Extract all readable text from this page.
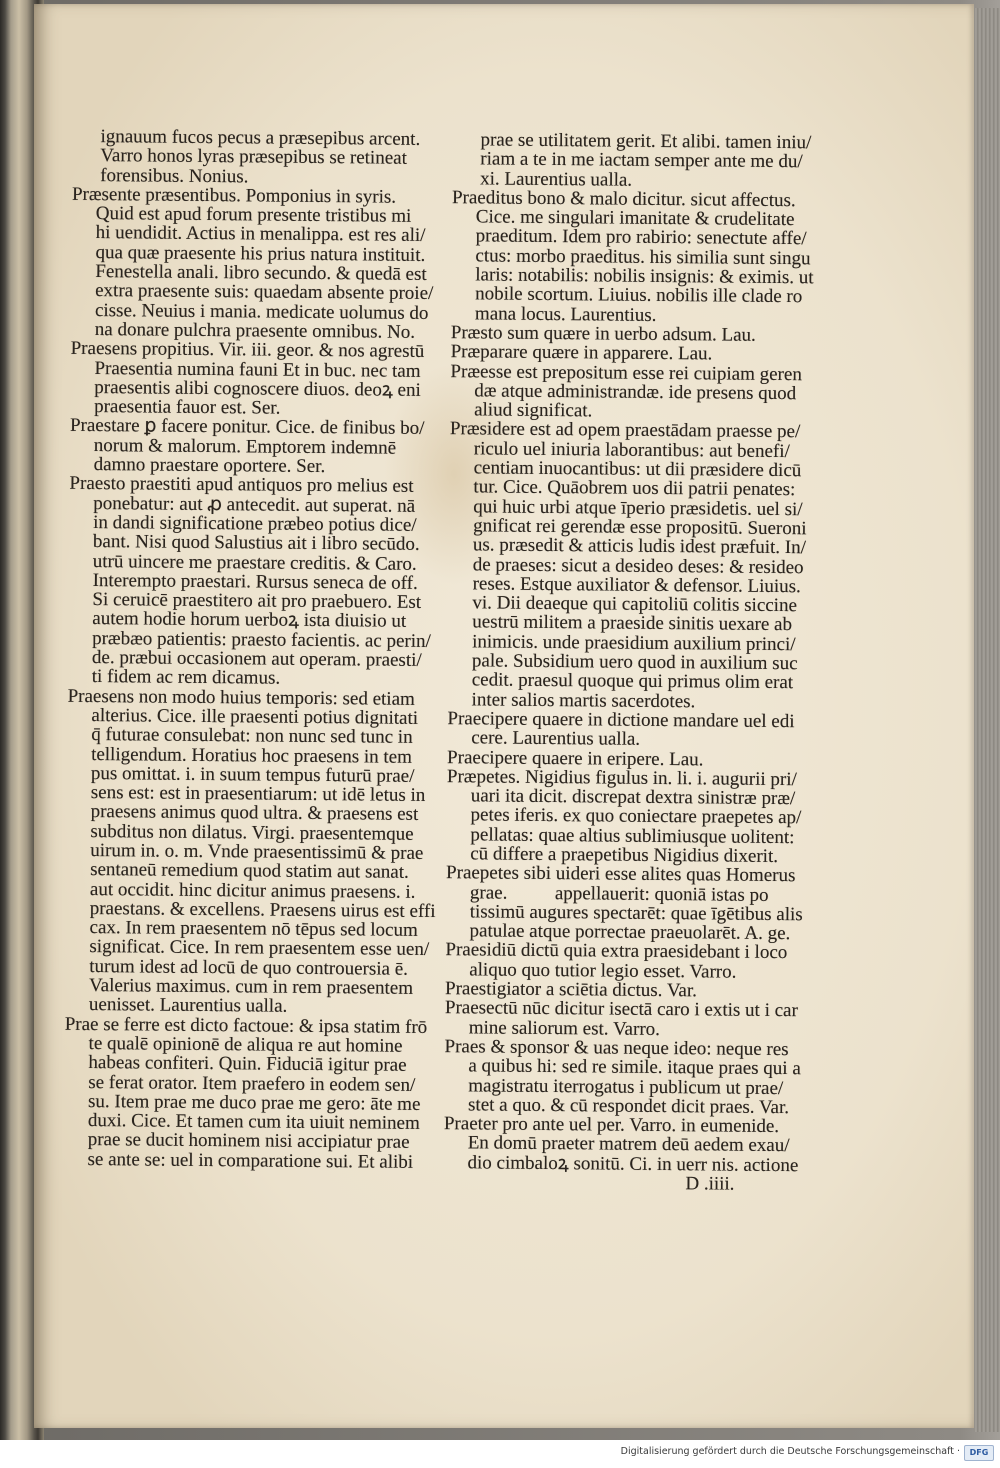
ignauum fucos pecus a præsepibus arcent.
Varro honos lyras præsepibus se retineat
forensibus. Nonius.
Præsente præsentibus. Pomponius in syris.
Quid est apud forum presente tristibus mi
hi uendidit. Actius in menalippa. est res ali/
qua quæ praesente his prius natura instituit.
Fenestella anali. libro secundo. & quedā est
extra praesente suis: quaedam absente proie/
cisse. Neuius i mania. medicate uolumus do
na donare pulchra praesente omnibus. No.
Praesens propitius. Vir. iii. geor. & nos agrestū
Praesentia numina fauni Et in buc. nec tam
praesentis alibi cognoscere diuos. deoꝝ eni
praesentia fauor est. Ser.
Praestare ꝑ facere ponitur. Cice. de finibus bo/
norum & malorum. Emptorem indemnē
damno praestare oportere. Ser.
Praesto praestiti apud antiquos pro melius est
ponebatur: aut ꝓ antecedit. aut superat. nā
in dandi significatione præbeo potius dice/
bant. Nisi quod Salustius ait i libro secūdo.
utrū uincere me praestare creditis. & Caro.
Interempto praestari. Rursus seneca de off.
Si ceruicē praestitero ait pro praebuero. Est
autem hodie horum uerboꝝ ista diuisio ut
præbæo patientis: praesto facientis. ac perin/
de. præbui occasionem aut operam. praesti/
ti fidem ac rem dicamus.
Praesens non modo huius temporis: sed etiam
alterius. Cice. ille praesenti potius dignitati
q̄ futurae consulebat: non nunc sed tunc in
telligendum. Horatius hoc praesens in tem
pus omittat. i. in suum tempus futurū prae/
sens est: est in praesentiarum: ut idē letus in
praesens animus quod ultra. & praesens est
subditus non dilatus. Virgi. praesentemque
uirum in. o. m. Vnde praesentissimū & prae
sentaneū remedium quod statim aut sanat.
aut occidit. hinc dicitur animus praesens. i.
praestans. & excellens. Praesens uirus est effi
cax. In rem praesentem nō tēpus sed locum
significat. Cice. In rem praesentem esse uen/
turum idest ad locū de quo controuersia ē.
Valerius maximus. cum in rem praesentem
uenisset. Laurentius ualla.
Prae se ferre est dicto factoue: & ipsa statim frō
te qualē opinionē de aliqua re aut homine
habeas confiteri. Quin. Fiduciā igitur prae
se ferat orator. Item praefero in eodem sen/
su. Item prae me duco prae me gero: āte me
duxi. Cice. Et tamen cum ita uiuit neminem
prae se ducit hominem nisi accipiatur prae
se ante se: uel in comparatione sui. Et alibi
prae se utilitatem gerit. Et alibi. tamen iniu/
riam a te in me iactam semper ante me du/
xi. Laurentius ualla.
Praeditus bono & malo dicitur. sicut affectus.
Cice. me singulari imanitate & crudelitate
praeditum. Idem pro rabirio: senectute affe/
ctus: morbo praeditus. his similia sunt singu
laris: notabilis: nobilis insignis: & eximis. ut
nobile scortum. Liuius. nobilis ille clade ro
mana locus. Laurentius.
Præsto sum quære in uerbo adsum. Lau.
Præparare quære in apparere. Lau.
Præesse est prepositum esse rei cuipiam geren
dæ atque administrandæ. ide presens quod
aliud significat.
Præsidere est ad opem praestādam praesse pe/
riculo uel iniuria laborantibus: aut benefi/
centiam inuocantibus: ut dii præsidere dicū
tur. Cice. Quāobrem uos dii patrii penates:
qui huic urbi atque īperio præsidetis. uel si/
gnificat rei gerendæ esse propositū. Sueroni
us. præsedit & atticis ludis idest præfuit. In/
de praeses: sicut a desideo deses: & resideo
reses. Estque auxiliator & defensor. Liuius.
vi. Dii deaeque qui capitoliū colitis siccine
uestrū militem a praeside sinitis uexare ab
inimicis. unde praesidium auxilium princi/
pale. Subsidium uero quod in auxilium suc
cedit. praesul quoque qui primus olim erat
inter salios martis sacerdotes.
Praecipere quaere in dictione mandare uel edi
cere. Laurentius ualla.
Praecipere quaere in eripere. Lau.
Præpetes. Nigidius figulus in. li. i. augurii pri/
uari ita dicit. discrepat dextra sinistræ præ/
petes iferis. ex quo coniectare praepetes ap/
pellatas: quae altius sublimiusque uolitent:
cū differe a praepetibus Nigidius dixerit.
Praepetes sibi uideri esse alites quas Homerus
grae.          appellauerit: quoniā istas po
tissimū augures spectarēt: quae īgētibus alis
patulae atque porrectae praeuolarēt. A. ge.
Praesidiū dictū quia extra praesidebant i loco
aliquo quo tutior legio esset. Varro.
Praestigiator a sciētia dictus. Var.
Praesectū nūc dicitur isectā caro i extis ut i car
mine saliorum est. Varro.
Praes & sponsor & uas neque ideo: neque res
a quibus hi: sed re simile. itaque praes qui a
magistratu iterrogatus i publicum ut prae/
stet a quo. & cū respondet dicit praes. Var.
Praeter pro ante uel per. Varro. in eumenide.
En domū praeter matrem deū aedem exau/
dio cimbaloꝝ sonitū. Ci. in uerr nis. actione
D .iiii.
Digitalisierung gefördert durch die Deutsche Forschungsgemeinschaft ·	DFG
